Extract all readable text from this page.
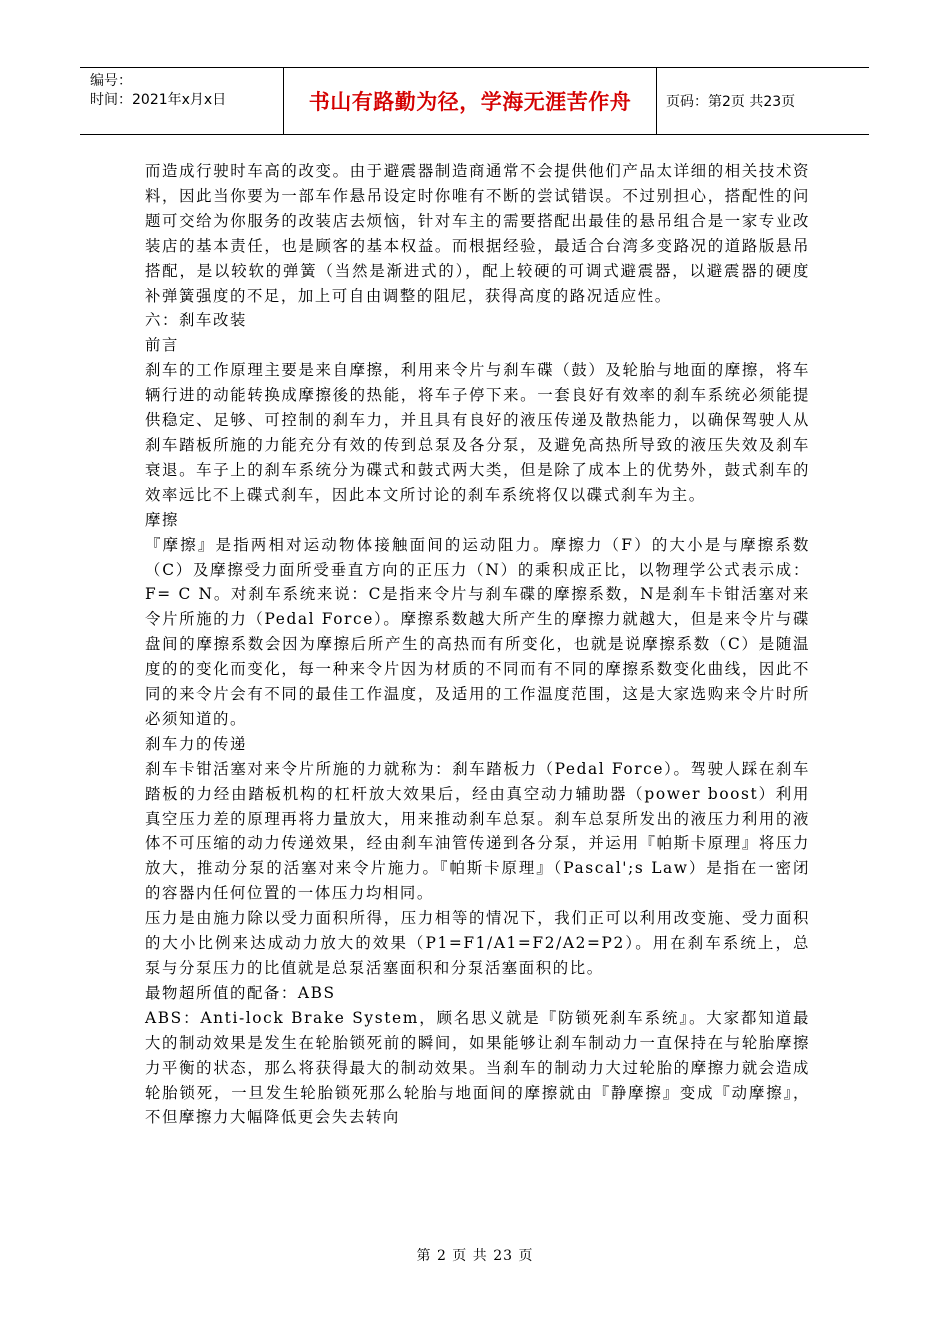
编号：
时间：2021年x月x日	书山有路勤为径，学海无涯苦作舟 页码：第2页 共23页

而造成行驶时车高的改变。由于避震器制造商通常不会提供他们产品太详细的相关技术资料，因此当你要为一部车作悬吊设定时你唯有不断的尝试错误。不过别担心，搭配性的问题可交给为你服务的改装店去烦恼，针对车主的需要搭配出最佳的悬吊组合是一家专业改装店的基本责任，也是顾客的基本权益。而根据经验，最适合台湾多变路况的道路版悬吊搭配，是以较软的弹簧（当然是渐进式的），配上较硬的可调式避震器，以避震器的硬度补弹簧强度的不足，加上可自由调整的阻尼，获得高度的路况适应性。

六：刹车改装

前言

刹车的工作原理主要是来自摩擦，利用来令片与刹车碟（鼓）及轮胎与地面的摩擦，将车辆行进的动能转换成摩擦後的热能，将车子停下来。一套良好有效率的刹车系统必须能提供稳定、足够、可控制的刹车力，并且具有良好的液压传递及散热能力，以确保驾驶人从刹车踏板所施的力能充分有效的传到总泵及各分泵，及避免高热所导致的液压失效及刹车衰退。车子上的刹车系统分为碟式和鼓式两大类，但是除了成本上的优势外，鼓式刹车的效率远比不上碟式刹车，因此本文所讨论的刹车系统将仅以碟式刹车为主。

摩擦

『摩擦』是指两相对运动物体接触面间的运动阻力。摩擦力（F）的大小是与摩擦系数（C）及摩擦受力面所受垂直方向的正压力（N）的乘积成正比，以物理学公式表示成：F= C N。对刹车系统来说：C是指来令片与刹车碟的摩擦系数，N是刹车卡钳活塞对来令片所施的力（Pedal Force）。摩擦系数越大所产生的摩擦力就越大，但是来令片与碟盘间的摩擦系数会因为摩擦后所产生的高热而有所变化，也就是说摩擦系数（C）是随温度的的变化而变化，每一种来令片因为材质的不同而有不同的摩擦系数变化曲线，因此不同的来令片会有不同的最佳工作温度，及适用的工作温度范围，这是大家选购来令片时所必须知道的。

刹车力的传递

刹车卡钳活塞对来令片所施的力就称为：刹车踏板力（Pedal Force）。驾驶人踩在刹车踏板的力经由踏板机构的杠杆放大效果后，经由真空动力辅助器（power boost）利用真空压力差的原理再将力量放大，用来推动刹车总泵。刹车总泵所发出的液压力利用的液体不可压缩的动力传递效果，经由刹车油管传递到各分泵，并运用『帕斯卡原理』将压力放大，推动分泵的活塞对来令片施力。『帕斯卡原理』（Pascal';s Law）是指在一密闭的容器内任何位置的一体压力均相同。

压力是由施力除以受力面积所得，压力相等的情况下，我们正可以利用改变施、受力面积的大小比例来达成动力放大的效果（P1=F1/A1=F2/A2=P2）。用在刹车系统上，总泵与分泵压力的比值就是总泵活塞面积和分泵活塞面积的比。

最物超所值的配备：ABS

ABS：Anti-lock Brake System，顾名思义就是『防锁死刹车系统』。大家都知道最大的制动效果是发生在轮胎锁死前的瞬间，如果能够让刹车制动力一直保持在与轮胎摩擦力平衡的状态，那么将获得最大的制动效果。当刹车的制动力大过轮胎的摩擦力就会造成轮胎锁死，一旦发生轮胎锁死那么轮胎与地面间的摩擦就由『静摩擦』变成『动摩擦』，不但摩擦力大幅降低更会失去转向

第 2 页 共 23 页
